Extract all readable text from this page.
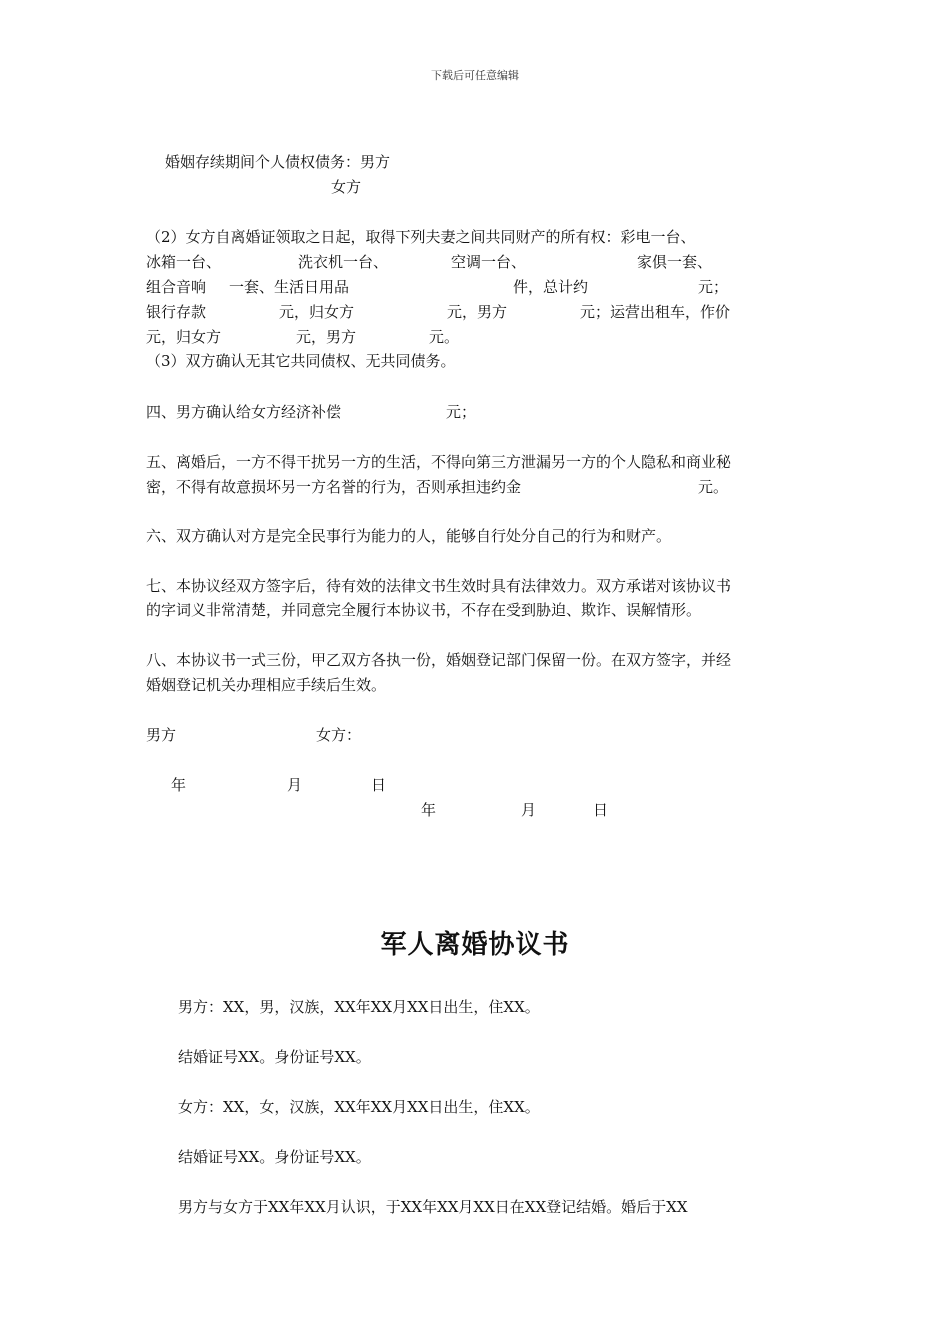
下载后可任意编辑
婚姻存续期间个人债权债务：男方
女方
（2）女方自离婚证领取之日起，取得下列夫妻之间共同财产的所有权：彩电一台、
冰箱一台、	洗衣机一台、	空调一台、	家俱一套、
组合音响 一套、生活日用品	件，总计约	元；
银行存款	元，归女方	元，男方	元；运营出租车，作价
元，归女方	元，男方	元。
（3）双方确认无其它共同债权、无共同债务。
四、男方确认给女方经济补偿	元；
五、离婚后，一方不得干扰另一方的生活，不得向第三方泄漏另一方的个人隐私和商业秘
密，不得有故意损坏另一方名誉的行为，否则承担违约金	元。
六、双方确认对方是完全民事行为能力的人，能够自行处分自己的行为和财产。
七、本协议经双方签字后，待有效的法律文书生效时具有法律效力。双方承诺对该协议书
的字词义非常清楚，并同意完全履行本协议书，不存在受到胁迫、欺诈、误解情形。
八、本协议书一式三份，甲乙双方各执一份，婚姻登记部门保留一份。在双方签字，并经
婚姻登记机关办理相应手续后生效。
男方	女方：
年	月	日
年	月	日
军人离婚协议书
男方：XX，男，汉族，XX年XX月XX日出生，住XX。
结婚证号XX。身份证号XX。
女方：XX，女，汉族，XX年XX月XX日出生，住XX。
结婚证号XX。身份证号XX。
男方与女方于XX年XX月认识，于XX年XX月XX日在XX登记结婚。婚后于XX
